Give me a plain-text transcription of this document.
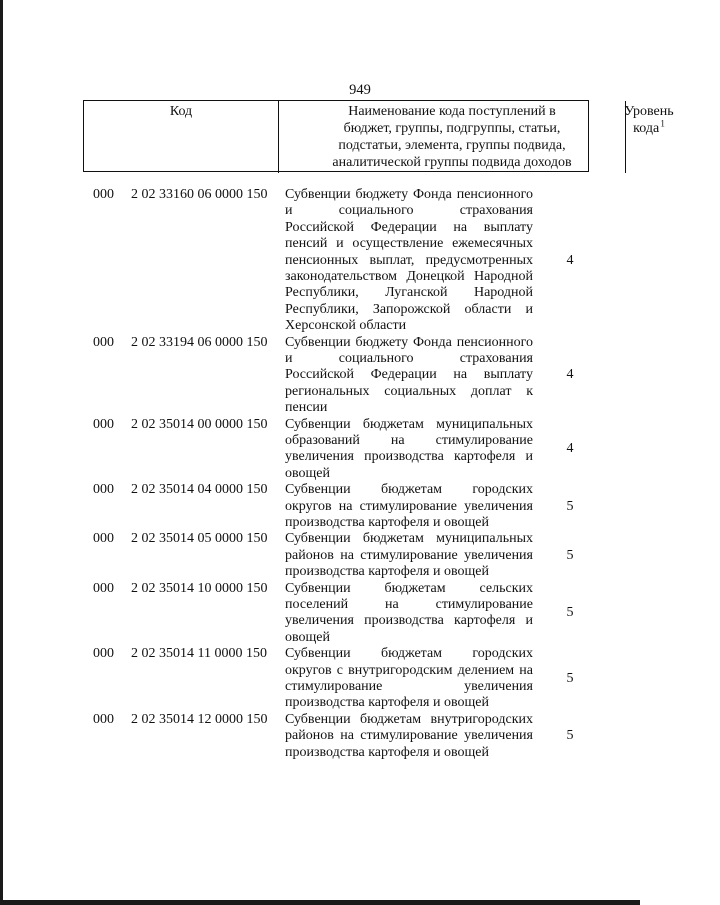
949
Код	Наименование кода поступлений в
бюджет, группы, подгруппы, статьи,
подстатьи, элемента, группы подвида,
аналитической группы подвида доходов
Уровень
кода $^1$
000 2 02 33160 06 0000 150 Субвенции бюджету Фонда пенсионного
и социального страхования
Российской Федерации на выплату
пенсий и осуществление ежемесячных
пенсионных выплат, предусмотренных
законодательством Донецкой Народной
Республики, Луганской Народной
Республики, Запорожской области и
Херсонской области
4
000 2 02 33194 06 0000 150 Субвенции бюджету Фонда пенсионного
и социального страхования
Российской Федерации на выплату
региональных социальных доплат к
пенсии
4
000 2 02 35014 00 0000 150 Субвенции бюджетам муниципальных
образований на стимулирование
увеличения производства картофеля и
овощей
4
000 2 02 35014 04 0000 150 Субвенции бюджетам городских
округов на стимулирование увеличения
производства картофеля и овощей
5
000 2 02 35014 05 0000 150 Субвенции бюджетам муниципальных
районов на стимулирование увеличения
производства картофеля и овощей
5
000 2 02 35014 10 0000 150 Субвенции бюджетам сельских
поселений на стимулирование
увеличения производства картофеля и
овощей
5
000 2 02 35014 11 0000 150 Субвенции бюджетам городских
округов с внутригородским делением на
стимулирование увеличения
производства картофеля и овощей
5
000 2 02 35014 12 0000 150 Субвенции бюджетам внутригородских
районов на стимулирование увеличения
производства картофеля и овощей
5
